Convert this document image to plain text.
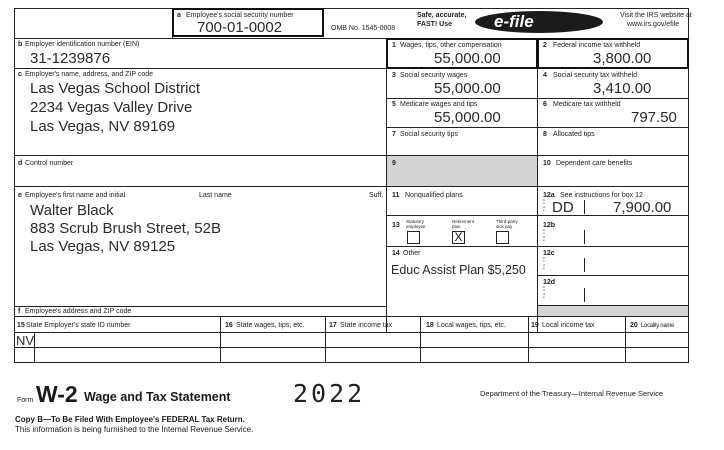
a Employee's social security number
700-01-0002	OMB No. 1545-0008
Safe, accurate,
FAST! Use e-file	Visit the IRS website at
www.irs.gov/efile
b Employer identification number (EIN)
31-1239876
c Employer's name, address, and ZIP code
Las Vegas School District
2234 Vegas Valley Drive
Las Vegas, NV 89169
d Control number
e Employee's first name and initial	Last name	Suff.
Walter Black
883 Scrub Brush Street, 52B
Las Vegas, NV 89125
f Employee's address and ZIP code
1 Wages, tips, other compensation
55,000.00
2 Federal income tax withheld
3,800.00
3 Social security wages
55,000.00
4 Social security tax withheld
3,410.00
5 Medicare wages and tips
55,000.00
6 Medicare tax withheld
797.50
7 Social security tips	8 Allocated tips
9	10 Dependent care benefits
11 Nonqualified plans	12a See instructions for box 12
C o d e DD	7,900.00
13
Statutory employee
Retirement plan
Third-party sick pay
X
12b
C o d e
14 Other
Educ Assist Plan $5,250
12c
C o d e
12d
C o d e
15 State Employer's state ID number
NV
16 State wages, tips, etc.	17 State income tax	18 Local wages, tips, etc.	19 Local income tax	20 Locality name
Form W-2 Wage and Tax Statement 2022	Department of the Treasury—Internal Revenue Service
Copy B—To Be Filed With Employee's FEDERAL Tax Return.
This information is being furnished to the Internal Revenue Service.
